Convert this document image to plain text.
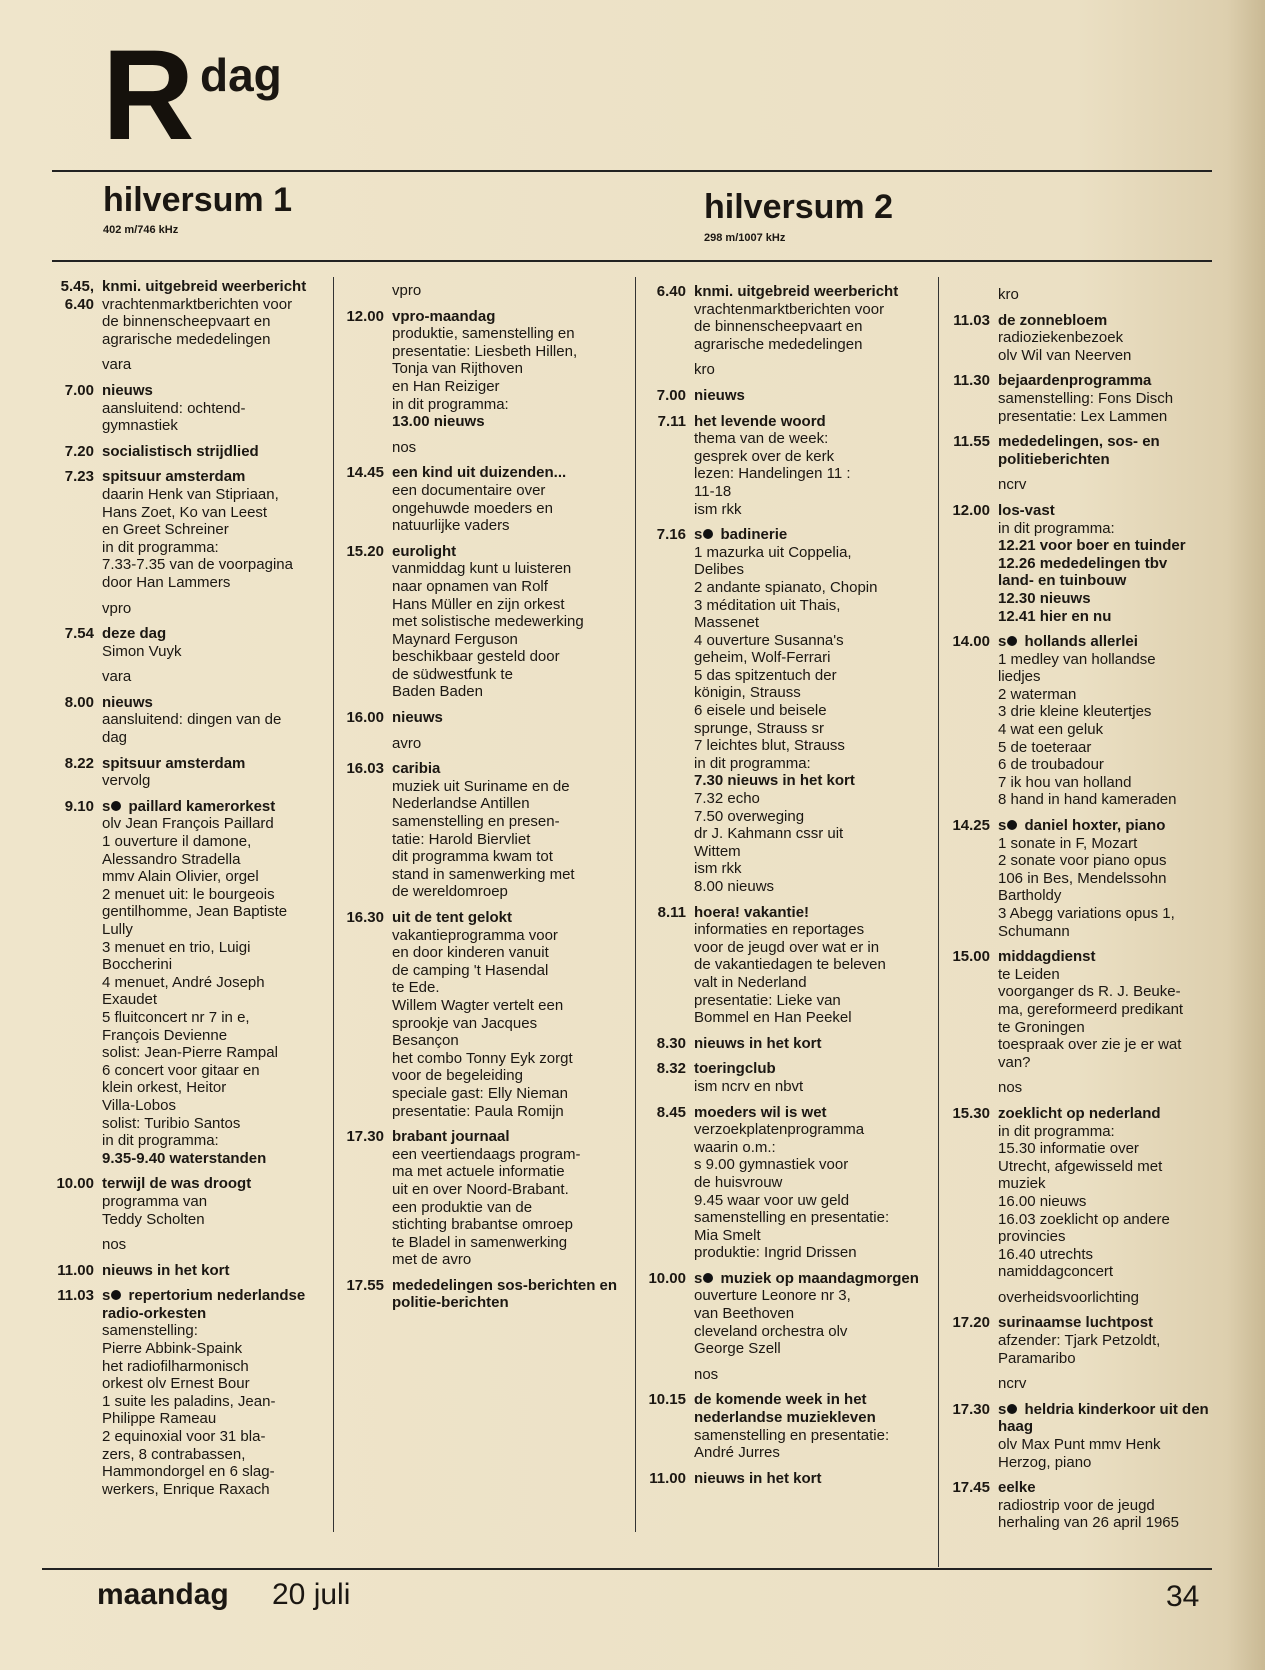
R dag
hilversum 1
402 m/746 kHz
hilversum 2
298 m/1007 kHz
5.45, 6.40
knmi. uitgebreid weerbericht
vrachtenmarktberichten voor
de binnenscheepvaart en
agrarische mededelingen
vara
7.00 nieuws
aansluitend: ochtend-
gymnastiek
7.20 socialistisch strijdlied
7.23 spitsuur amsterdam
daarin Henk van Stipriaan,
Hans Zoet, Ko van Leest
en Greet Schreiner
in dit programma:
7.33-7.35 van de voorpagina
door Han Lammers
vpro
7.54 deze dag
Simon Vuyk
vara
8.00 nieuws
aansluitend: dingen van de
dag
8.22 spitsuur amsterdam
vervolg
9.10 s paillard kamerorkest
olv Jean François Paillard
1 ouverture il damone,
Alessandro Stradella
mmv Alain Olivier, orgel
2 menuet uit: le bourgeois
gentilhomme, Jean Baptiste
Lully
3 menuet en trio, Luigi
Boccherini
4 menuet, André Joseph
Exaudet
5 fluitconcert nr 7 in e,
François Devienne
solist: Jean-Pierre Rampal
6 concert voor gitaar en
klein orkest, Heitor
Villa-Lobos
solist: Turibio Santos
in dit programma:
9.35-9.40 waterstanden
10.00 terwijl de was droogt
programma van
Teddy Scholten
nos
11.00 nieuws in het kort
11.03 s repertorium nederlandse radio-orkesten
samenstelling:
Pierre Abbink-Spaink
het radiofilharmonisch
orkest olv Ernest Bour
1 suite les paladins, Jean-
Philippe Rameau
2 equinoxial voor 31 bla-
zers, 8 contrabassen,
Hammondorgel en 6 slag-
werkers, Enrique Raxach
vpro
12.00 vpro-maandag
produktie, samenstelling en
presentatie: Liesbeth Hillen,
Tonja van Rijthoven
en Han Reiziger
in dit programma:
13.00 nieuws
nos
14.45 een kind uit duizenden...
een documentaire over
ongehuwde moeders en
natuurlijke vaders
15.20 eurolight
vanmiddag kunt u luisteren
naar opnamen van Rolf
Hans Müller en zijn orkest
met solistische medewerking
Maynard Ferguson
beschikbaar gesteld door
de südwestfunk te
Baden Baden
16.00 nieuws
avro
16.03 caribia
muziek uit Suriname en de
Nederlandse Antillen
samenstelling en presen-
tatie: Harold Biervliet
dit programma kwam tot
stand in samenwerking met
de wereldomroep
16.30 uit de tent gelokt
vakantieprogramma voor
en door kinderen vanuit
de camping 't Hasendal
te Ede.
Willem Wagter vertelt een
sprookje van Jacques
Besançon
het combo Tonny Eyk zorgt
voor de begeleiding
speciale gast: Elly Nieman
presentatie: Paula Romijn
17.30 brabant journaal
een veertiendaags program-
ma met actuele informatie
uit en over Noord-Brabant.
een produktie van de
stichting brabantse omroep
te Bladel in samenwerking
met de avro
17.55 mededelingen sos-berichten en politie-berichten
6.40 knmi. uitgebreid weerbericht
vrachtenmarktberichten voor
de binnenscheepvaart en
agrarische mededelingen
kro
7.00 nieuws
7.11 het levende woord
thema van de week:
gesprek over de kerk
lezen: Handelingen 11 :
11-18
ism rkk
7.16 s badinerie
1 mazurka uit Coppelia,
Delibes
2 andante spianato, Chopin
3 méditation uit Thais,
Massenet
4 ouverture Susanna's
geheim, Wolf-Ferrari
5 das spitzentuch der
königin, Strauss
6 eisele und beisele
sprunge, Strauss sr
7 leichtes blut, Strauss
in dit programma:
7.30 nieuws in het kort
7.32 echo
7.50 overweging
dr J. Kahmann cssr uit
Wittem
ism rkk
8.00 nieuws
8.11 hoera! vakantie!
informaties en reportages
voor de jeugd over wat er in
de vakantiedagen te beleven
valt in Nederland
presentatie: Lieke van
Bommel en Han Peekel
8.30 nieuws in het kort
8.32 toeringclub
ism ncrv en nbvt
8.45 moeders wil is wet
verzoekplatenprogramma
waarin o.m.:
s 9.00 gymnastiek voor
de huisvrouw
9.45 waar voor uw geld
samenstelling en presentatie:
Mia Smelt
produktie: Ingrid Drissen
10.00 s muziek op maandagmorgen
ouverture Leonore nr 3,
van Beethoven
cleveland orchestra olv
George Szell
nos
10.15 de komende week in het nederlandse muziekleven
samenstelling en presentatie:
André Jurres
11.00 nieuws in het kort
kro
11.03 de zonnebloem
radioziekenbezoek
olv Wil van Neerven
11.30 bejaardenprogramma
samenstelling: Fons Disch
presentatie: Lex Lammen
11.55 mededelingen, sos- en politieberichten
ncrv
12.00 los-vast
in dit programma:
12.21 voor boer en tuinder
12.26 mededelingen tbv
land- en tuinbouw
12.30 nieuws
12.41 hier en nu
14.00 s hollands allerlei
1 medley van hollandse
liedjes
2 waterman
3 drie kleine kleutertjes
4 wat een geluk
5 de toeteraar
6 de troubadour
7 ik hou van holland
8 hand in hand kameraden
14.25 s daniel hoxter, piano
1 sonate in F, Mozart
2 sonate voor piano opus
106 in Bes, Mendelssohn
Bartholdy
3 Abegg variations opus 1,
Schumann
15.00 middagdienst
te Leiden
voorganger ds R. J. Beuke-
ma, gereformeerd predikant
te Groningen
toespraak over zie je er wat
van?
nos
15.30 zoeklicht op nederland
in dit programma:
15.30 informatie over
Utrecht, afgewisseld met
muziek
16.00 nieuws
16.03 zoeklicht op andere
provincies
16.40 utrechts
namiddagconcert
overheidsvoorlichting
17.20 surinaamse luchtpost
afzender: Tjark Petzoldt,
Paramaribo
ncrv
17.30 s heldria kinderkoor uit den haag
olv Max Punt mmv Henk
Herzog, piano
17.45 eelke
radiostrip voor de jeugd
herhaling van 26 april 1965
maandag 20 juli	34
